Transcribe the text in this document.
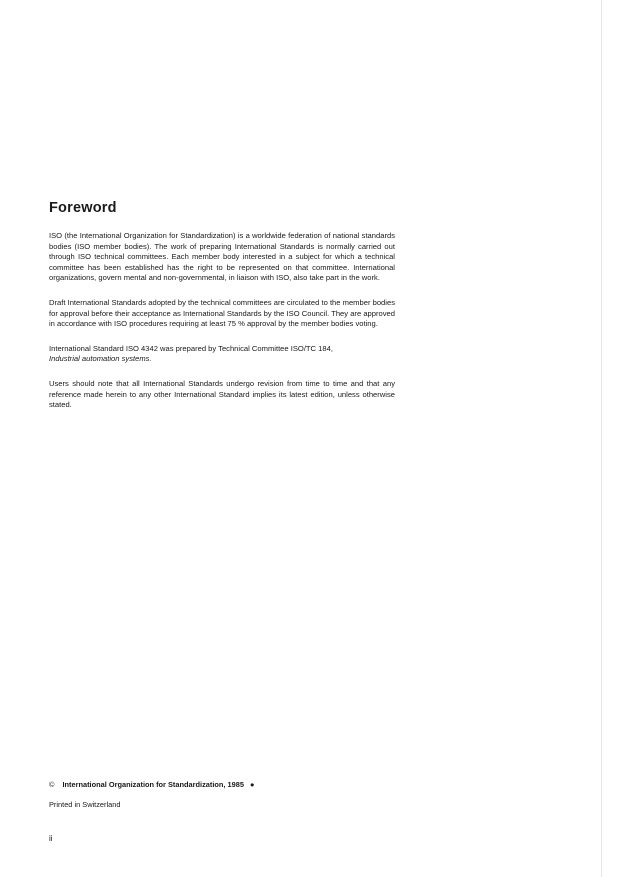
Foreword

ISO (the International Organization for Standardization) is a worldwide federation of national standards bodies (ISO member bodies). The work of preparing International Standards is normally carried out through ISO technical committees. Each member body interested in a subject for which a technical committee has been established has the right to be represented on that committee. International organizations, govern mental and non-governmental, in liaison with ISO, also take part in the work.

Draft International Standards adopted by the technical committees are circulated to the member bodies for approval before their acceptance as International Standards by the ISO Council. They are approved in accordance with ISO procedures requiring at least 75 % approval by the member bodies voting.

International Standard ISO 4342 was prepared by Technical Committee ISO/TC 184,
Industrial automation systems.

Users should note that all International Standards undergo revision from time to time and that any reference made herein to any other International Standard implies its latest edition, unless otherwise stated.

© International Organization for Standardization, 1985 ●
Printed in Switzerland
ii
